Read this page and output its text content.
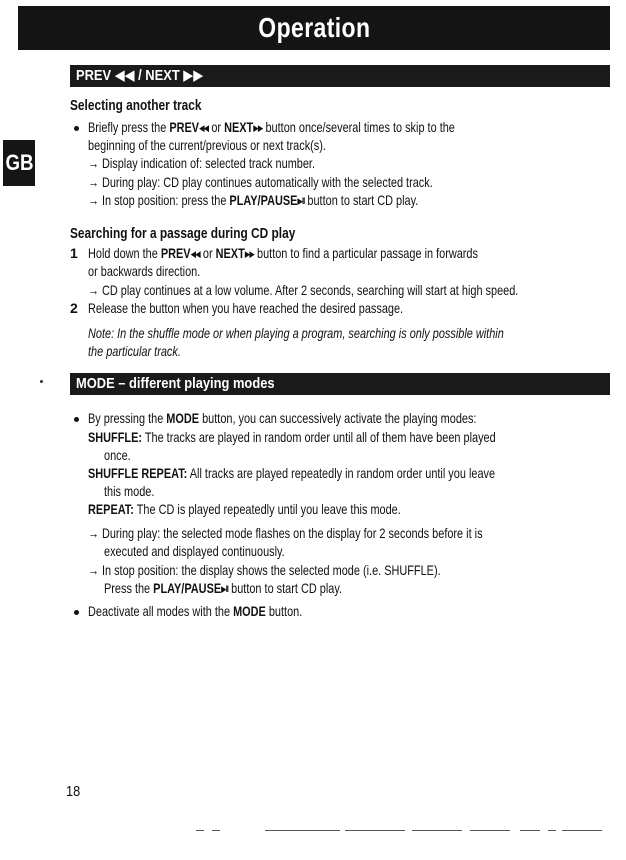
Operation
GB
PREV ◀◀ / NEXT ▶▶
Selecting another track
Briefly press the PREV◀◀ or NEXT▶▶ button once/several times to skip to the
beginning of the current/previous or next track(s).
→ Display indication of: selected track number.
→ During play: CD play continues automatically with the selected track.
→ In stop position: press the PLAY/PAUSE▶II button to start CD play.
Searching for a passage during CD play
1 Hold down the PREV◀◀ or NEXT▶▶ button to find a particular passage in forwards
or backwards direction.
→ CD play continues at a low volume. After 2 seconds, searching will start at high speed.
2 Release the button when you have reached the desired passage.
Note: In the shuffle mode or when playing a program, searching is only possible within
the particular track.
MODE – different playing modes
By pressing the MODE button, you can successively activate the playing modes:
SHUFFLE: The tracks are played in random order until all of them have been played
once.
SHUFFLE REPEAT: All tracks are played repeatedly in random order until you leave
this mode.
REPEAT: The CD is played repeatedly until you leave this mode.
→ During play: the selected mode flashes on the display for 2 seconds before it is
executed and displayed continuously.
→ In stop position: the display shows the selected mode (i.e. SHUFFLE).
Press the PLAY/PAUSE▶II button to start CD play.
Deactivate all modes with the MODE button.
18
